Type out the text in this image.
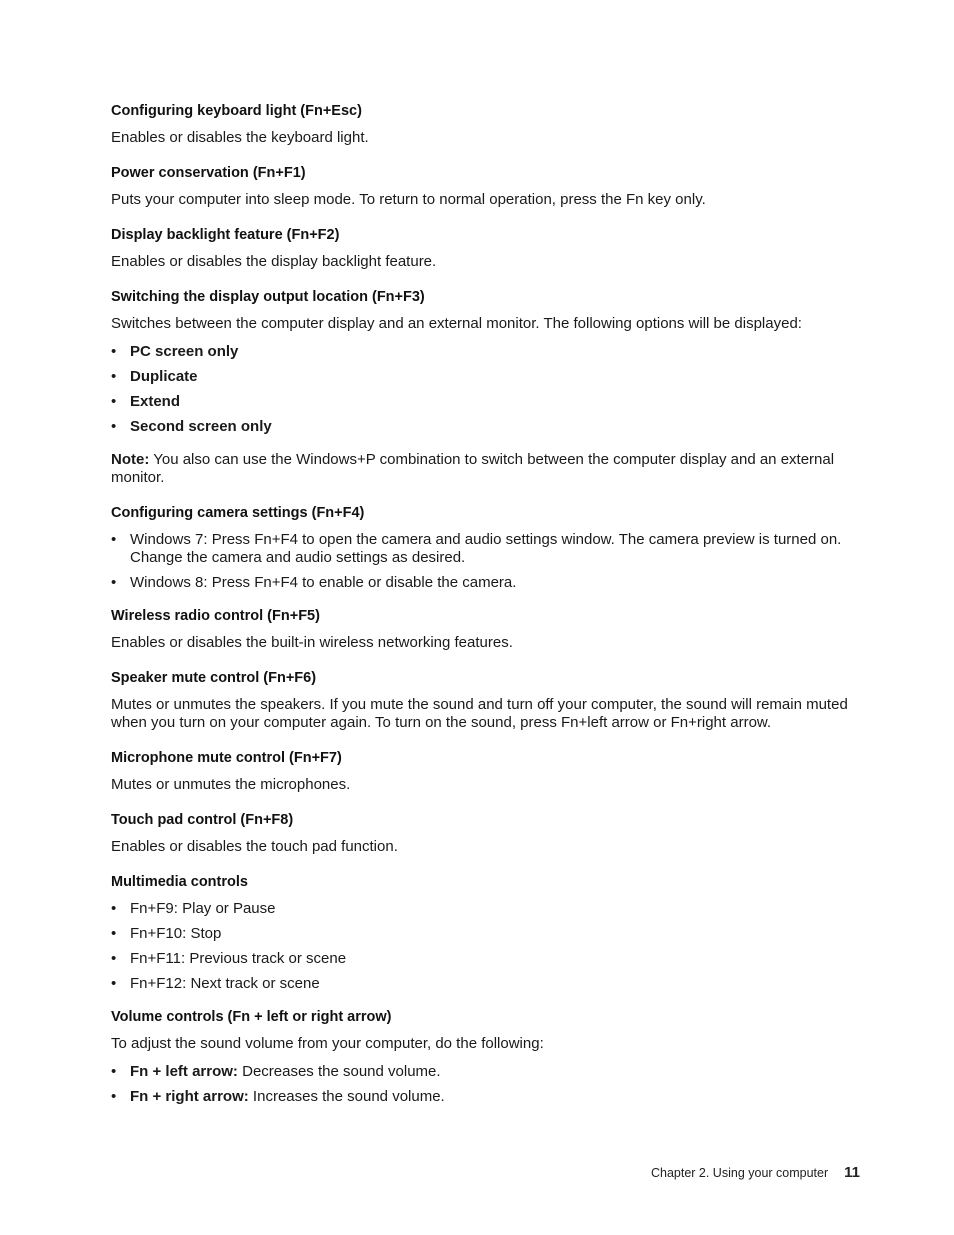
Configuring keyboard light (Fn+Esc)
Enables or disables the keyboard light.
Power conservation (Fn+F1)
Puts your computer into sleep mode. To return to normal operation, press the Fn key only.
Display backlight feature (Fn+F2)
Enables or disables the display backlight feature.
Switching the display output location (Fn+F3)
Switches between the computer display and an external monitor. The following options will be displayed:
• PC screen only
• Duplicate
• Extend
• Second screen only
Note: You also can use the Windows+P combination to switch between the computer display and an external monitor.
Configuring camera settings (Fn+F4)
• Windows 7: Press Fn+F4 to open the camera and audio settings window. The camera preview is turned on. Change the camera and audio settings as desired.
• Windows 8: Press Fn+F4 to enable or disable the camera.
Wireless radio control (Fn+F5)
Enables or disables the built-in wireless networking features.
Speaker mute control (Fn+F6)
Mutes or unmutes the speakers. If you mute the sound and turn off your computer, the sound will remain muted when you turn on your computer again. To turn on the sound, press Fn+left arrow or Fn+right arrow.
Microphone mute control (Fn+F7)
Mutes or unmutes the microphones.
Touch pad control (Fn+F8)
Enables or disables the touch pad function.
Multimedia controls
• Fn+F9: Play or Pause
• Fn+F10: Stop
• Fn+F11: Previous track or scene
• Fn+F12: Next track or scene
Volume controls (Fn + left or right arrow)
To adjust the sound volume from your computer, do the following:
• Fn + left arrow: Decreases the sound volume.
• Fn + right arrow: Increases the sound volume.
Chapter 2. Using your computer 11
